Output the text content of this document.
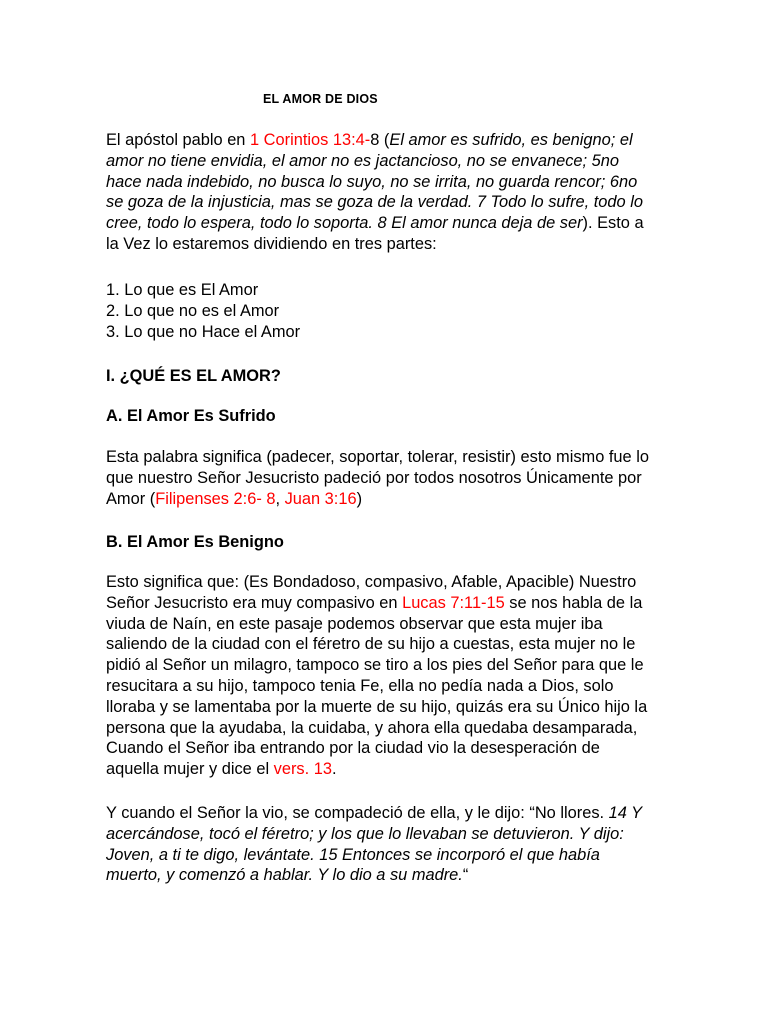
EL AMOR DE DIOS

El apóstol pablo en 1 Corintios 13:4-8 (El amor es sufrido, es benigno; el amor no tiene envidia, el amor no es jactancioso, no se envanece; 5no hace nada indebido, no busca lo suyo, no se irrita, no guarda rencor; 6no se goza de la injusticia, mas se goza de la verdad. 7 Todo lo sufre, todo lo cree, todo lo espera, todo lo soporta. 8 El amor nunca deja de ser). Esto a la Vez lo estaremos dividiendo en tres partes:

1. Lo que es El Amor
2. Lo que no es el Amor
3. Lo que no Hace el Amor

I. ¿QUÉ ES EL AMOR?
A. El Amor Es Sufrido

Esta palabra significa (padecer, soportar, tolerar, resistir) esto mismo fue lo que nuestro Señor Jesucristo padeció por todos nosotros Únicamente por Amor (Filipenses 2:6- 8, Juan 3:16)

B. El Amor Es Benigno

Esto significa que: (Es Bondadoso, compasivo, Afable, Apacible) Nuestro Señor Jesucristo era muy compasivo en Lucas 7:11-15 se nos habla de la viuda de Naín, en este pasaje podemos observar que esta mujer iba saliendo de la ciudad con el féretro de su hijo a cuestas, esta mujer no le pidió al Señor un milagro, tampoco se tiro a los pies del Señor para que le resucitara a su hijo, tampoco tenia Fe, ella no pedía nada a Dios, solo lloraba y se lamentaba por la muerte de su hijo, quizás era su Único hijo la persona que la ayudaba, la cuidaba, y ahora ella quedaba desamparada, Cuando el Señor iba entrando por la ciudad vio la desesperación de aquella mujer y dice el vers. 13.

Y cuando el Señor la vio, se compadeció de ella, y le dijo: “No llores. 14 Y acercándose, tocó el féretro; y los que lo llevaban se detuvieron. Y dijo: Joven, a ti te digo, levántate. 15 Entonces se incorporó el que había muerto, y comenzó a hablar. Y lo dio a su madre.“
